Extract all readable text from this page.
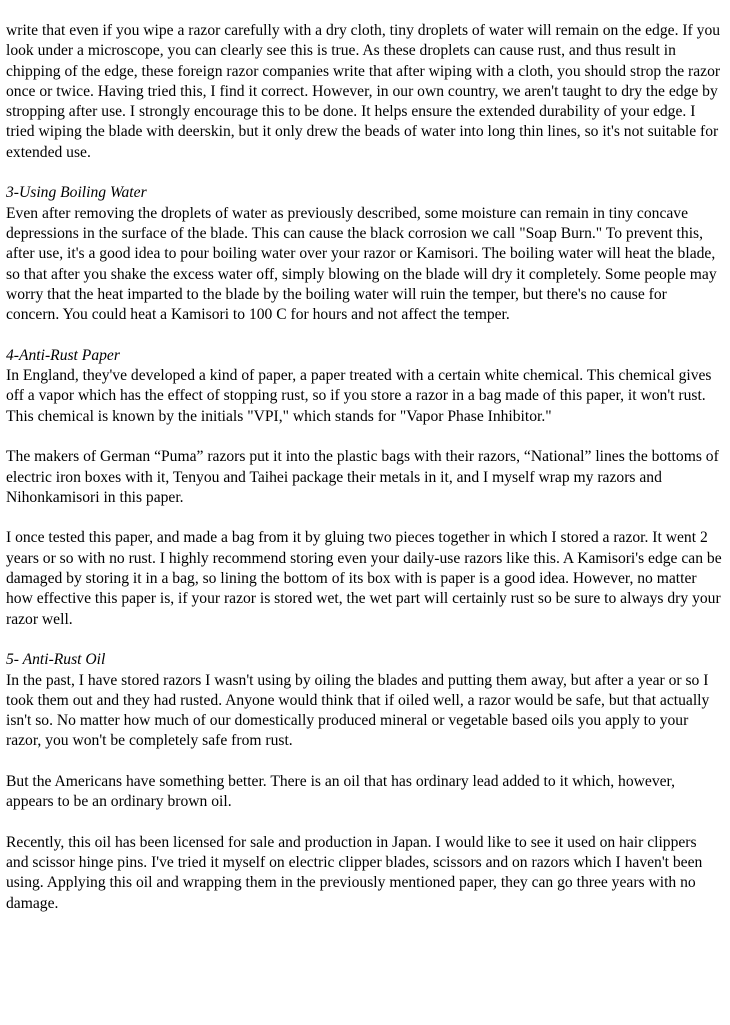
write that even if you wipe a razor carefully with a dry cloth, tiny droplets of water will remain on the edge. If you look under a microscope, you can clearly see this is true. As these droplets can cause rust, and thus result in chipping of the edge, these foreign razor companies write that after wiping with a cloth, you should strop the razor once or twice. Having tried this, I find it correct. However, in our own country, we aren't taught to dry the edge by stropping after use. I strongly encourage this to be done. It helps ensure the extended durability of your edge. I tried wiping the blade with deerskin, but it only drew the beads of water into long thin lines, so it's not suitable for extended use.

3-Using Boiling Water
Even after removing the droplets of water as previously described, some moisture can remain in tiny concave depressions in the surface of the blade. This can cause the black corrosion we call "Soap Burn." To prevent this, after use, it's a good idea to pour boiling water over your razor or Kamisori. The boiling water will heat the blade, so that after you shake the excess water off, simply blowing on the blade will dry it completely. Some people may worry that the heat imparted to the blade by the boiling water will ruin the temper, but there's no cause for concern. You could heat a Kamisori to 100 C for hours and not affect the temper.

4-Anti-Rust Paper
In England, they've developed a kind of paper, a paper treated with a certain white chemical. This chemical gives off a vapor which has the effect of stopping rust, so if you store a razor in a bag made of this paper, it won't rust. This chemical is known by the initials "VPI," which stands for "Vapor Phase Inhibitor."

The makers of German “Puma” razors put it into the plastic bags with their razors, “National” lines the bottoms of electric iron boxes with it, Tenyou and Taihei package their metals in it, and I myself wrap my razors and Nihonkamisori in this paper.

I once tested this paper, and made a bag from it by gluing two pieces together in which I stored a razor. It went 2 years or so with no rust. I highly recommend storing even your daily-use razors like this. A Kamisori's edge can be damaged by storing it in a bag, so lining the bottom of its box with is paper is a good idea. However, no matter how effective this paper is, if your razor is stored wet, the wet part will certainly rust so be sure to always dry your razor well.

5- Anti-Rust Oil
In the past, I have stored razors I wasn't using by oiling the blades and putting them away, but after a year or so I took them out and they had rusted. Anyone would think that if oiled well, a razor would be safe, but that actually isn't so. No matter how much of our domestically produced mineral or vegetable based oils you apply to your razor, you won't be completely safe from rust.

But the Americans have something better. There is an oil that has ordinary lead added to it which, however, appears to be an ordinary brown oil.

Recently, this oil has been licensed for sale and production in Japan. I would like to see it used on hair clippers and scissor hinge pins. I've tried it myself on electric clipper blades, scissors and on razors which I haven't been using. Applying this oil and wrapping them in the previously mentioned paper, they can go three years with no damage.
